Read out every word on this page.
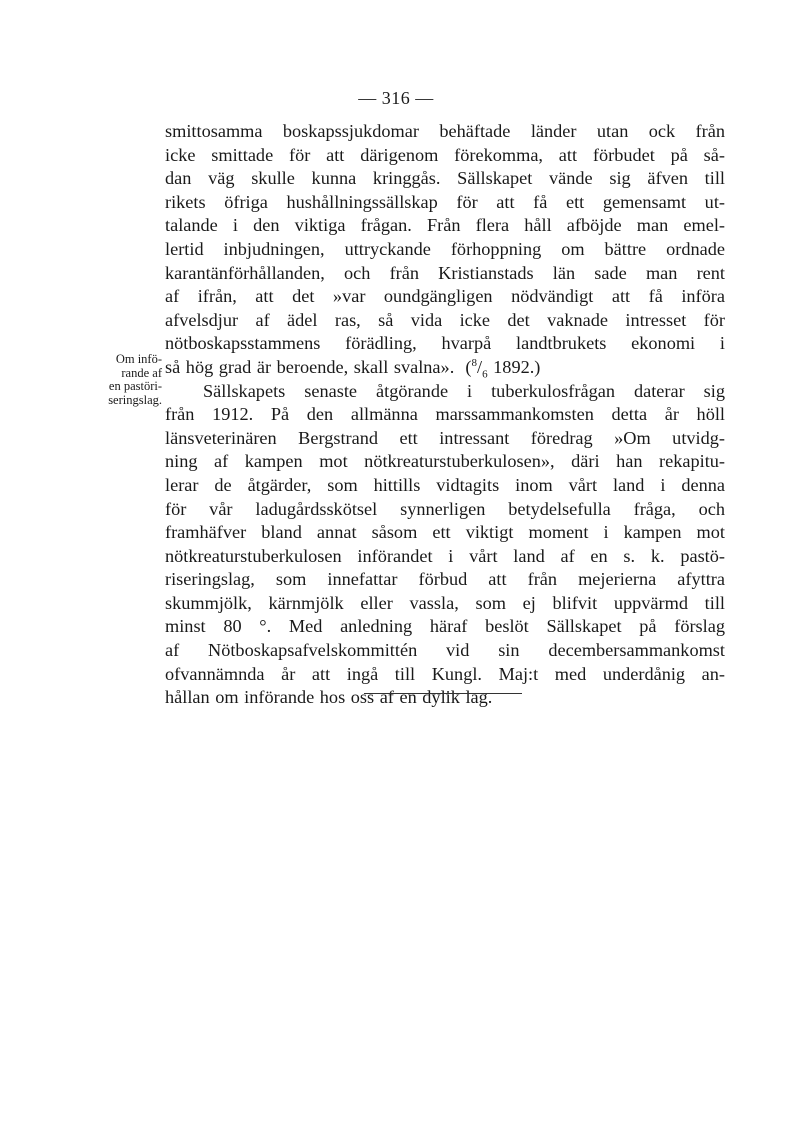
— 316 —
Om infö-
rande af
en pastöri-
seringslag.
smittosamma boskapssjukdomar behäftade länder utan ock från
icke smittade för att därigenom förekomma, att förbudet på så-
dan väg skulle kunna kringgås. Sällskapet vände sig äfven till
rikets öfriga hushållningssällskap för att få ett gemensamt ut-
talande i den viktiga frågan. Från flera håll afböjde man emel-
lertid inbjudningen, uttryckande förhoppning om bättre ordnade
karantänförhållanden, och från Kristianstads län sade man rent
af ifrån, att det »var oundgängligen nödvändigt att få införa
afvelsdjur af ädel ras, så vida icke det vaknade intresset för
nötboskapsstammens förädling, hvarpå landtbrukets ekonomi i
så hög grad är beroende, skall svalna». ($^8/_6$ 1892.)
Sällskapets senaste åtgörande i tuberkulosfrågan daterar sig
från 1912. På den allmänna marssammankomsten detta år höll
länsveterinären Bergstrand ett intressant föredrag »Om utvidg-
ning af kampen mot nötkreaturstuberkulosen», däri han rekapitu-
lerar de åtgärder, som hittills vidtagits inom vårt land i denna
för vår ladugårdsskötsel synnerligen betydelsefulla fråga, och
framhäfver bland annat såsom ett viktigt moment i kampen mot
nötkreaturstuberkulosen införandet i vårt land af en s. k. pastö-
riseringslag, som innefattar förbud att från mejerierna afyttra
skummjölk, kärnmjölk eller vassla, som ej blifvit uppvärmd till
minst 80 °. Med anledning häraf beslöt Sällskapet på förslag
af Nötboskapsafvelskommittén vid sin decembersammankomst
ofvannämnda år att ingå till Kungl. Maj:t med underdånig an-
hållan om införande hos oss af en dylik lag.
